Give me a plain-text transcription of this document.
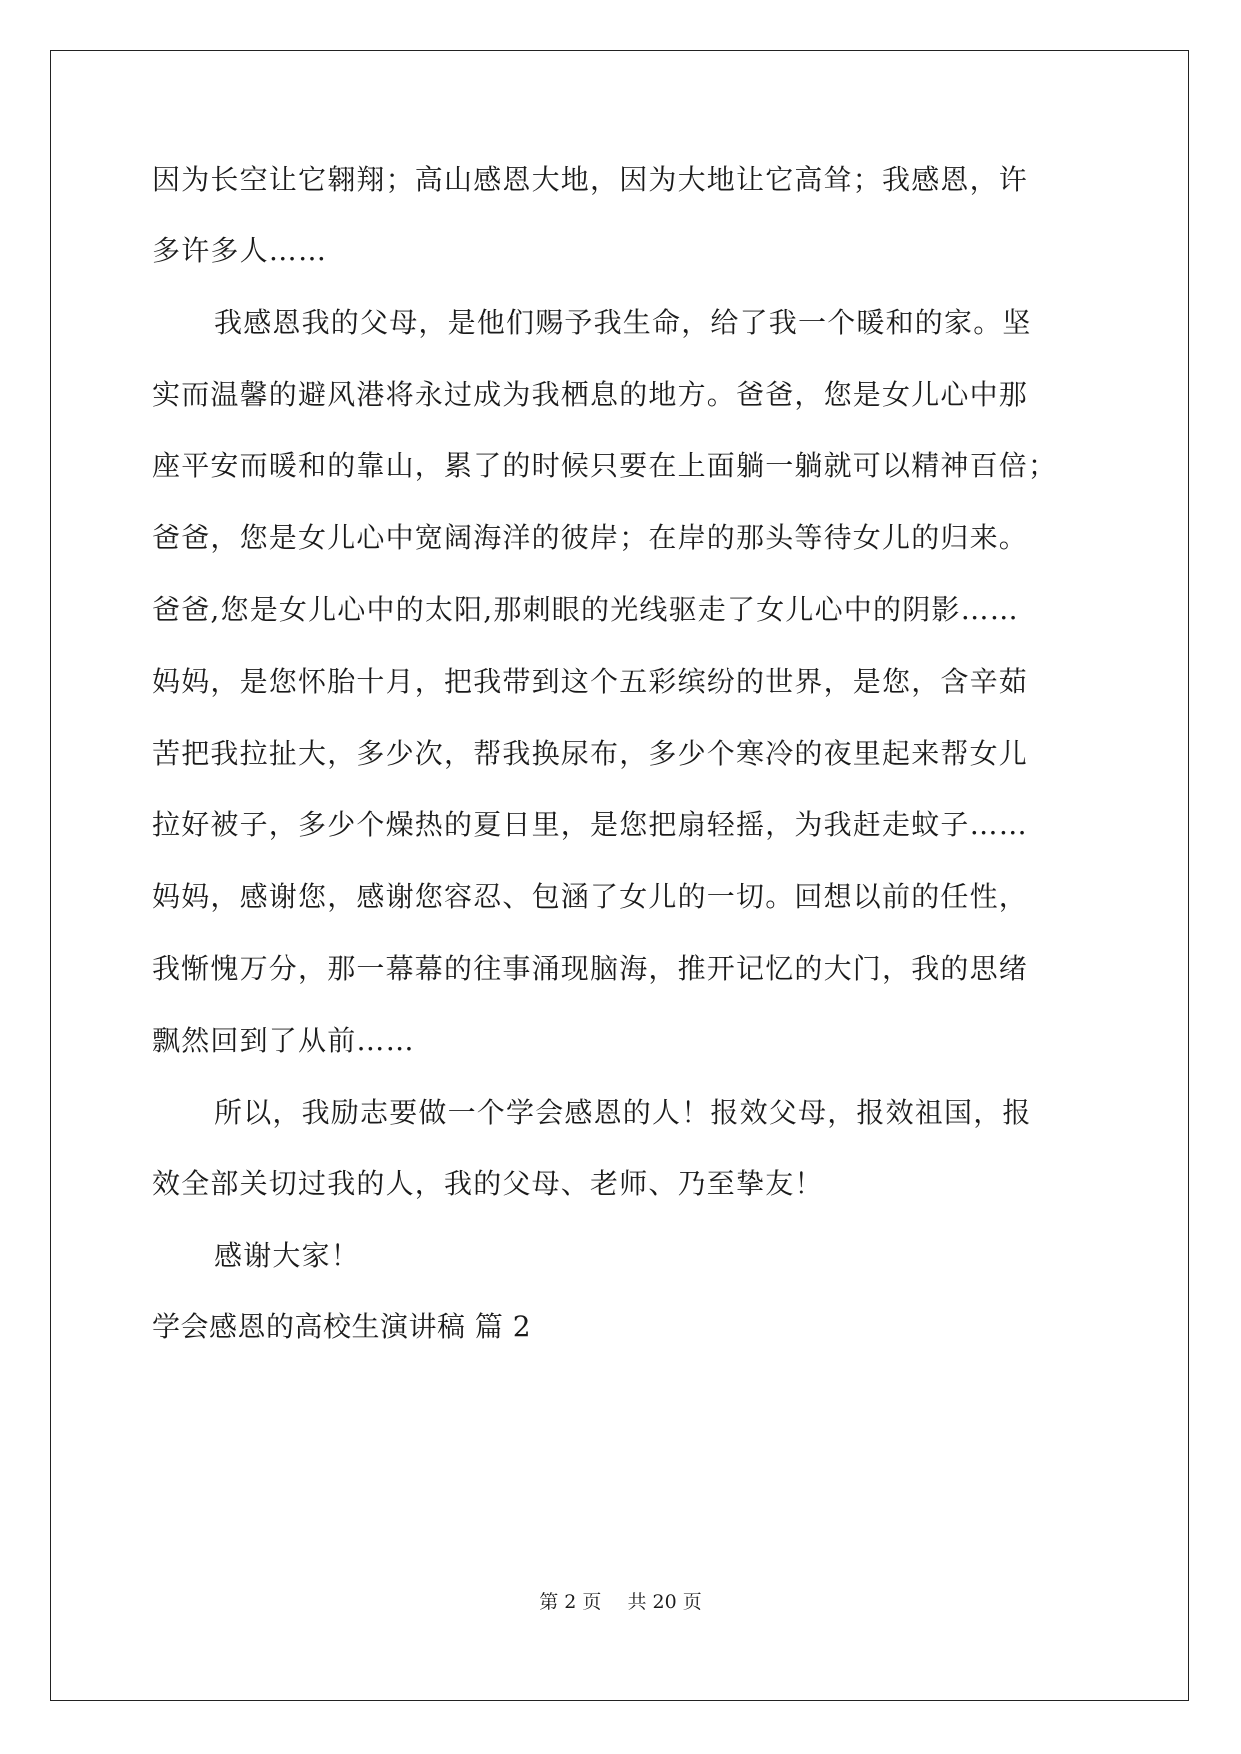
因为长空让它翱翔；高山感恩大地，因为大地让它高耸；我感恩，许
多许多人……
我感恩我的父母，是他们赐予我生命，给了我一个暖和的家。坚
实而温馨的避风港将永过成为我栖息的地方。爸爸，您是女儿心中那
座平安而暖和的靠山，累了的时候只要在上面躺一躺就可以精神百倍；
爸爸，您是女儿心中宽阔海洋的彼岸；在岸的那头等待女儿的归来。
爸爸,您是女儿心中的太阳,那刺眼的光线驱走了女儿心中的阴影……
妈妈，是您怀胎十月，把我带到这个五彩缤纷的世界，是您，含辛茹
苦把我拉扯大，多少次，帮我换尿布，多少个寒冷的夜里起来帮女儿
拉好被子，多少个燥热的夏日里，是您把扇轻摇，为我赶走蚊子……
妈妈，感谢您，感谢您容忍、包涵了女儿的一切。回想以前的任性，
我惭愧万分，那一幕幕的往事涌现脑海，推开记忆的大门，我的思绪
飘然回到了从前……
所以，我励志要做一个学会感恩的人！报效父母，报效祖国，报
效全部关切过我的人，我的父母、老师、乃至挚友！
感谢大家！
学会感恩的高校生演讲稿 篇 2
第 2 页 共 20 页
